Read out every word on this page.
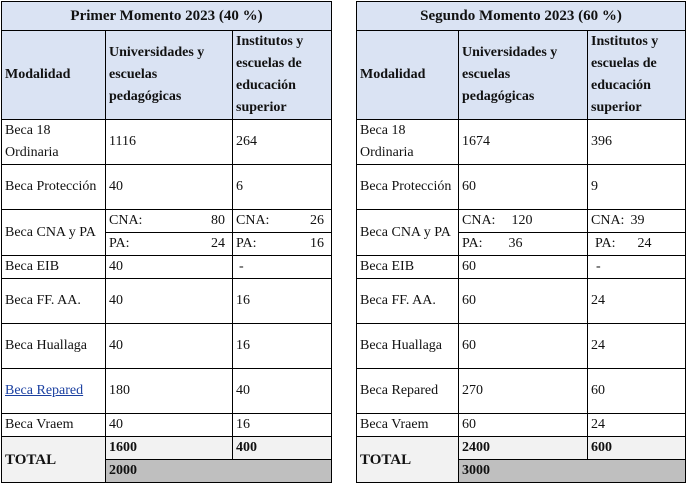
Primer Momento 2023 (40 %)		
Modalidad	Universidades y escuelas pedagógicas	Institutos y escuelas de educación superior
Beca 18 Ordinaria	1116	264
Beca Protección	40	6
Beca CNA y PA	CNA: 80	CNA: 26

	PA: 24	PA: 16

Beca EIB	40	-
Beca FF. AA.	40	16
Beca Huallaga	40	16
Beca Repared	180	40
Beca Vraem	40	16
TOTAL	1600	400
	2000	
Segundo Momento 2023 (60 %)		
Modalidad	Universidades y escuelas pedagógicas	Institutos y escuelas de educación superior
Beca 18 Ordinaria	1674	396
Beca Protección	60	9
Beca CNA y PA	CNA: 120	CNA: 39

	PA: 36	PA: 24

Beca EIB	60	-
Beca FF. AA.	60	24
Beca Huallaga	60	24
Beca Repared	270	60
Beca Vraem	60	24
TOTAL	2400	600
	3000	
